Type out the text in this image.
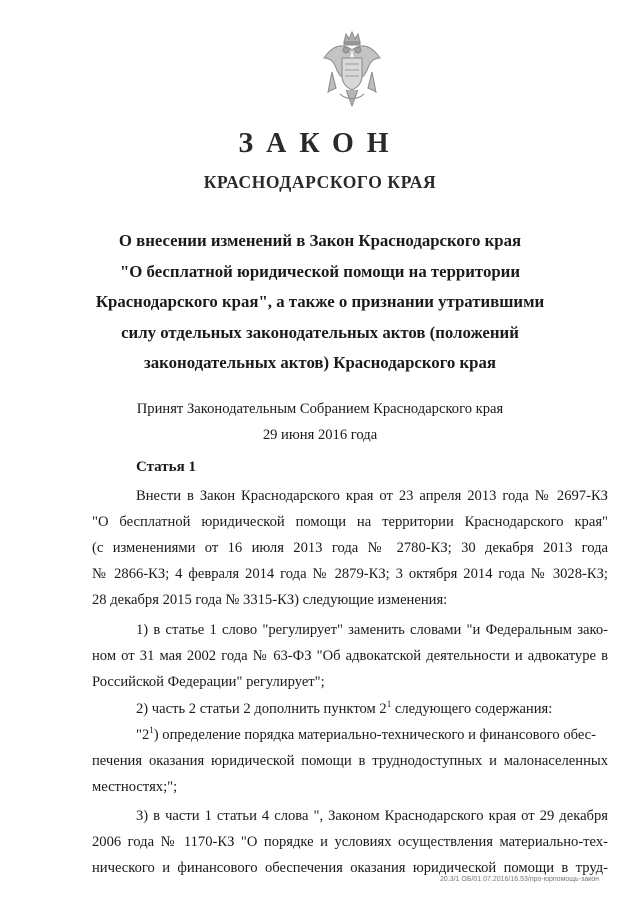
ЗАКОН
КРАСНОДАРСКОГО КРАЯ
О внесении изменений в Закон Краснодарского края
"О бесплатной юридической помощи на территории
Краснодарского края", а также о признании утратившими
силу отдельных законодательных актов (положений
законодательных актов) Краснодарского края
Принят Законодательным Собранием Краснодарского края
29 июня 2016 года
Статья 1
Внести в Закон Краснодарского края от 23 апреля 2013 года № 2697-КЗ
"О бесплатной юридической помощи на территории Краснодарского края"
(с изменениями от 16 июля 2013 года № 2780-КЗ; 30 декабря 2013 года
№ 2866-КЗ; 4 февраля 2014 года № 2879-КЗ; 3 октября 2014 года № 3028-КЗ;
28 декабря 2015 года № 3315-КЗ) следующие изменения:
1) в статье 1 слово "регулирует" заменить словами "и Федеральным зако-
ном от 31 мая 2002 года № 63-ФЗ "Об адвокатской деятельности и адвокатуре в
Российской Федерации" регулирует";
2) часть 2 статьи 2 дополнить пунктом $2^1$ следующего содержания:
"$2^1$) определение порядка материально-технического и финансового обес-
печения оказания юридической помощи в труднодоступных и малонаселенных
местностях;";
3) в части 1 статьи 4 слова ", Законом Краснодарского края от 29 декабря
2006 года № 1170-КЗ "О порядке и условиях осуществления материально-тех-
нического и финансового обеспечения оказания юридической помощи в труд-
20.3/1 ОБ/01.07.2016/16.53/про-юрпомощь-закон
